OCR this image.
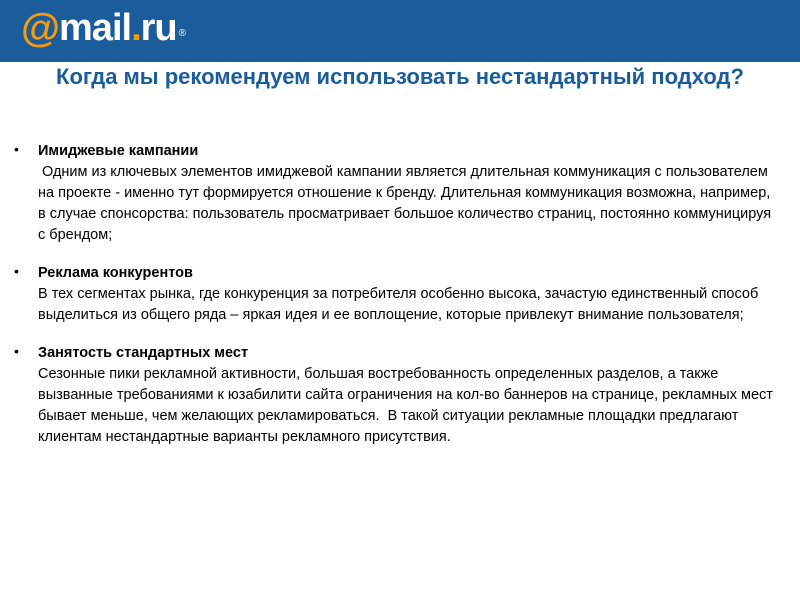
@ mail . ru ®
Когда мы рекомендуем использовать нестандартный подход?
• Имиджевые кампании
Одним из ключевых элементов имиджевой кампании является длительная коммуникация с пользователем на проекте - именно тут формируется отношение к бренду. Длительная коммуникация возможна, например, в случае спонсорства: пользователь просматривает большое количество страниц, постоянно коммуницируя с брендом;
• Реклама конкурентов
В тех сегментах рынка, где конкуренция за потребителя особенно высока, зачастую единственный способ выделиться из общего ряда – яркая идея и ее воплощение, которые привлекут внимание пользователя;
• Занятость стандартных мест
Сезонные пики рекламной активности, большая востребованность определенных разделов, а также вызванные требованиями к юзабилити сайта ограничения на кол-во баннеров на странице, рекламных мест бывает меньше, чем желающих рекламироваться.  В такой ситуации рекламные площадки предлагают клиентам нестандартные варианты рекламного присутствия.
